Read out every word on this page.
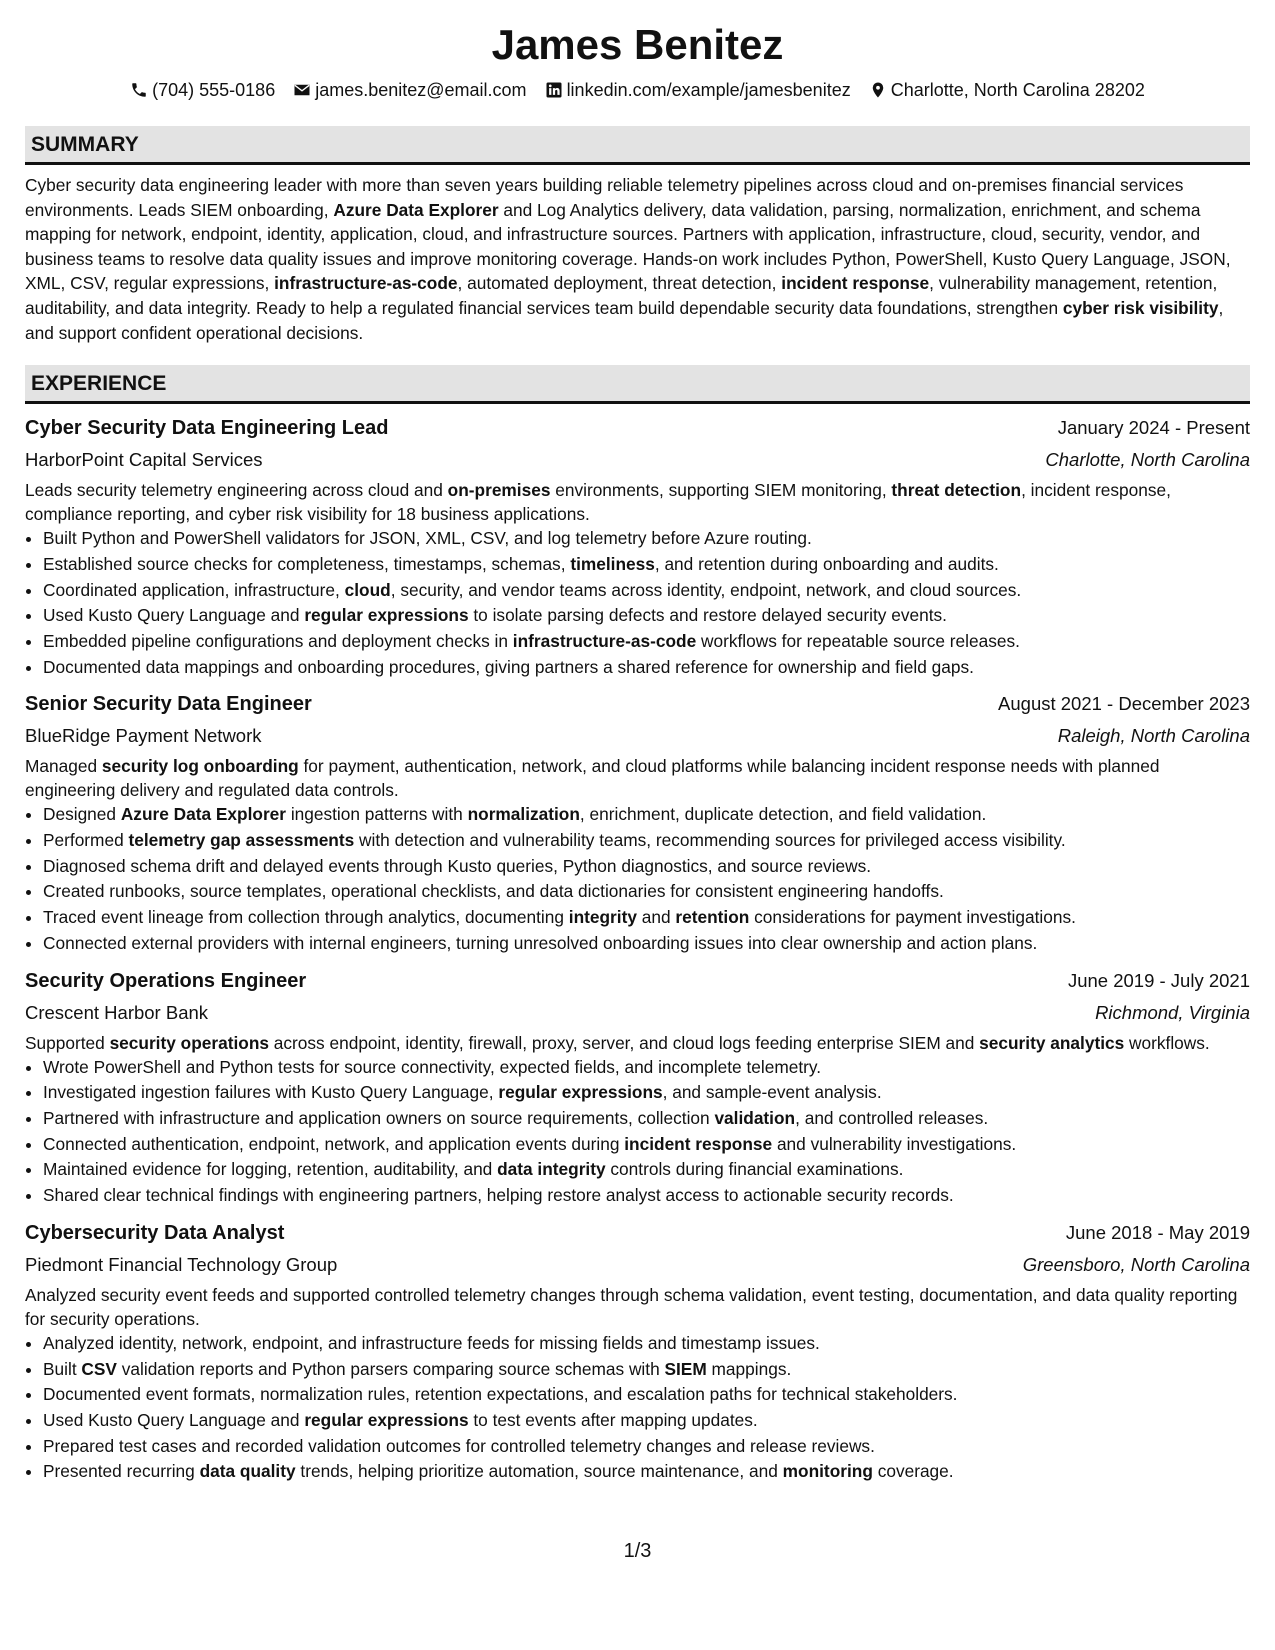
James Benitez
(704) 555-0186 james.benitez@email.com linkedin.com/example/jamesbenitez Charlotte, North Carolina 28202
SUMMARY
Cyber security data engineering leader with more than seven years building reliable telemetry pipelines across cloud and on-premises financial services environments. Leads SIEM onboarding, Azure Data Explorer and Log Analytics delivery, data validation, parsing, normalization, enrichment, and schema mapping for network, endpoint, identity, application, cloud, and infrastructure sources. Partners with application, infrastructure, cloud, security, vendor, and business teams to resolve data quality issues and improve monitoring coverage. Hands-on work includes Python, PowerShell, Kusto Query Language, JSON, XML, CSV, regular expressions, infrastructure-as-code, automated deployment, threat detection, incident response, vulnerability management, retention, auditability, and data integrity. Ready to help a regulated financial services team build dependable security data foundations, strengthen cyber risk visibility, and support confident operational decisions.
EXPERIENCE
Cyber Security Data Engineering Lead	January 2024 - Present
HarborPoint Capital Services	Charlotte, North Carolina
Leads security telemetry engineering across cloud and on-premises environments, supporting SIEM monitoring, threat detection, incident response, compliance reporting, and cyber risk visibility for 18 business applications.
• Built Python and PowerShell validators for JSON, XML, CSV, and log telemetry before Azure routing.
• Established source checks for completeness, timestamps, schemas, timeliness, and retention during onboarding and audits.
• Coordinated application, infrastructure, cloud, security, and vendor teams across identity, endpoint, network, and cloud sources.
• Used Kusto Query Language and regular expressions to isolate parsing defects and restore delayed security events.
• Embedded pipeline configurations and deployment checks in infrastructure-as-code workflows for repeatable source releases.
• Documented data mappings and onboarding procedures, giving partners a shared reference for ownership and field gaps.
Senior Security Data Engineer	August 2021 - December 2023
BlueRidge Payment Network	Raleigh, North Carolina
Managed security log onboarding for payment, authentication, network, and cloud platforms while balancing incident response needs with planned engineering delivery and regulated data controls.
• Designed Azure Data Explorer ingestion patterns with normalization, enrichment, duplicate detection, and field validation.
• Performed telemetry gap assessments with detection and vulnerability teams, recommending sources for privileged access visibility.
• Diagnosed schema drift and delayed events through Kusto queries, Python diagnostics, and source reviews.
• Created runbooks, source templates, operational checklists, and data dictionaries for consistent engineering handoffs.
• Traced event lineage from collection through analytics, documenting integrity and retention considerations for payment investigations.
• Connected external providers with internal engineers, turning unresolved onboarding issues into clear ownership and action plans.
Security Operations Engineer	June 2019 - July 2021
Crescent Harbor Bank	Richmond, Virginia
Supported security operations across endpoint, identity, firewall, proxy, server, and cloud logs feeding enterprise SIEM and security analytics workflows.
• Wrote PowerShell and Python tests for source connectivity, expected fields, and incomplete telemetry.
• Investigated ingestion failures with Kusto Query Language, regular expressions, and sample-event analysis.
• Partnered with infrastructure and application owners on source requirements, collection validation, and controlled releases.
• Connected authentication, endpoint, network, and application events during incident response and vulnerability investigations.
• Maintained evidence for logging, retention, auditability, and data integrity controls during financial examinations.
• Shared clear technical findings with engineering partners, helping restore analyst access to actionable security records.
Cybersecurity Data Analyst	June 2018 - May 2019
Piedmont Financial Technology Group	Greensboro, North Carolina
Analyzed security event feeds and supported controlled telemetry changes through schema validation, event testing, documentation, and data quality reporting for security operations.
• Analyzed identity, network, endpoint, and infrastructure feeds for missing fields and timestamp issues.
• Built CSV validation reports and Python parsers comparing source schemas with SIEM mappings.
• Documented event formats, normalization rules, retention expectations, and escalation paths for technical stakeholders.
• Used Kusto Query Language and regular expressions to test events after mapping updates.
• Prepared test cases and recorded validation outcomes for controlled telemetry changes and release reviews.
• Presented recurring data quality trends, helping prioritize automation, source maintenance, and monitoring coverage.
1/3
